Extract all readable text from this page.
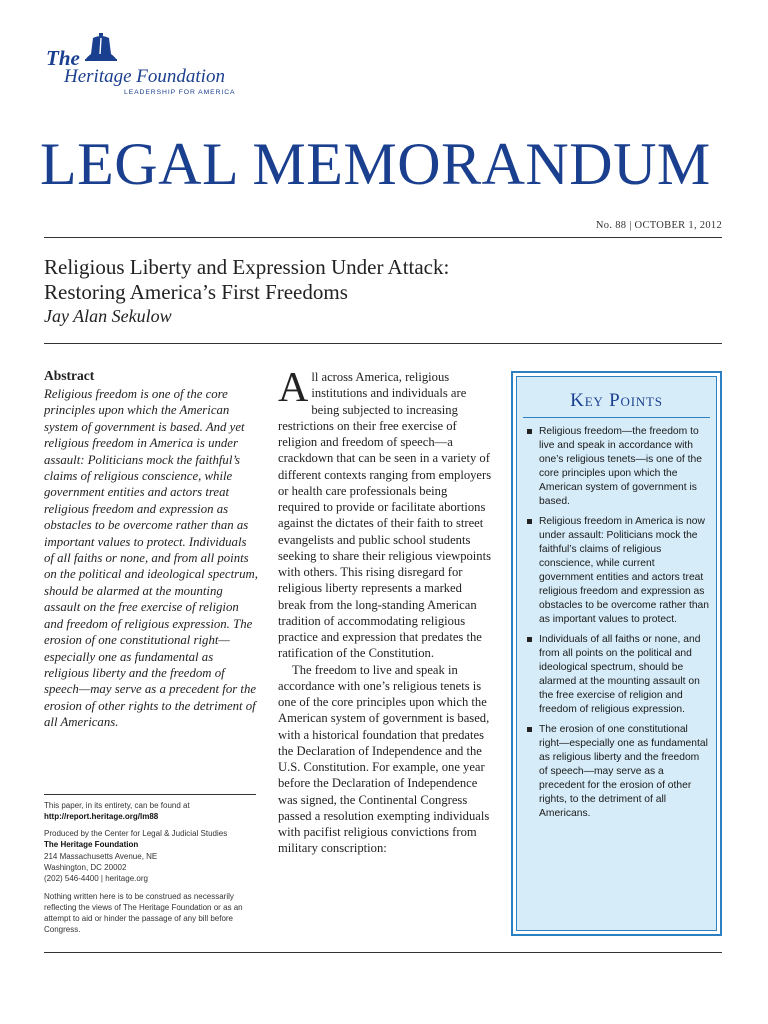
The
Heritage Foundation
LEADERSHIP FOR AMERICA
LEGAL MEMORANDUM
No. 88 | OCTOBER 1, 2012
Religious Liberty and Expression Under Attack:
Restoring America’s First Freedoms
Jay Alan Sekulow
Abstract
Religious freedom is one of the core principles upon which the American system of government is based. And yet religious freedom in America is under assault: Politicians mock the faithful’s claims of religious conscience, while government entities and actors treat religious freedom and expression as obstacles to be overcome rather than as important values to protect. Individuals of all faiths or none, and from all points on the political and ideological spectrum, should be alarmed at the mounting assault on the free exercise of religion and freedom of religious expression. The erosion of one constitutional right—especially one as fundamental as religious liberty and the freedom of speech—may serve as a precedent for the erosion of other rights to the detriment of all Americans.
This paper, in its entirety, can be found at
http://report.heritage.org/lm88
Produced by the Center for Legal & Judicial Studies
The Heritage Foundation
214 Massachusetts Avenue, NE
Washington, DC 20002
(202) 546-4400 | heritage.org
Nothing written here is to be construed as necessarily reflecting the views of The Heritage Foundation or as an attempt to aid or hinder the passage of any bill before Congress.

All across America, religious institutions and individuals are being subjected to increasing restrictions on their free exercise of religion and freedom of speech—a crackdown that can be seen in a variety of different contexts ranging from employers or health care professionals being required to provide or facilitate abortions against the dictates of their faith to street evangelists and public school students seeking to share their religious viewpoints with others. This rising disregard for religious liberty represents a marked break from the long-standing American tradition of accommodating religious practice and expression that predates the ratification of the Constitution.

The freedom to live and speak in accordance with one’s religious tenets is one of the core principles upon which the American system of government is based, with a historical foundation that predates the Declaration of Independence and the U.S. Constitution. For example, one year before the Declaration of Independence was signed, the Continental Congress passed a resolution exempting individuals with pacifist religious convictions from military conscription:

Key Points
Religious freedom—the freedom to live and speak in accordance with one’s religious tenets—is one of the core principles upon which the American system of government is based.
Religious freedom in America is now under assault: Politicians mock the faithful’s claims of religious conscience, while current government entities and actors treat religious freedom and expression as obstacles to be overcome rather than as important values to protect.
Individuals of all faiths or none, and from all points on the political and ideological spectrum, should be alarmed at the mounting assault on the free exercise of religion and freedom of religious expression.
The erosion of one constitutional right—especially one as fundamental as religious liberty and the freedom of speech—may serve as a precedent for the erosion of other rights, to the detriment of all Americans.
